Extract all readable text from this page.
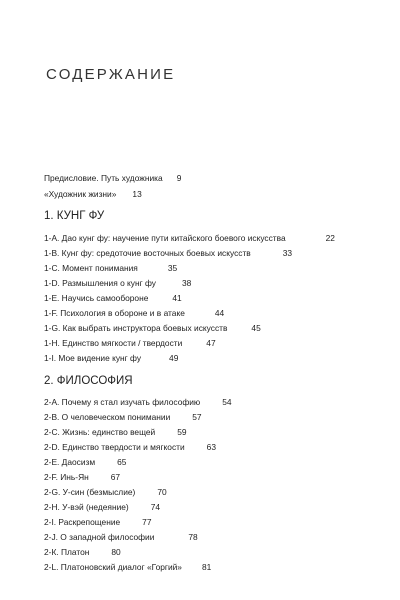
СОДЕРЖАНИЕ
Предисловие. Путь художника 9
«Художник жизни» 13
1. КУНГ ФУ
1-А. Дао кунг фу: научение пути китайского боевого искусства	22
1-В. Кунг фу: средоточие восточных боевых искусств	33
1-С. Момент понимания	35
1-D. Размышления о кунг фу	38
1-Е. Научись самообороне	41
1-F. Психология в обороне и в атаке	44
1-G. Как выбрать инструктора боевых искусств	45
1-Н. Единство мягкости / твердости	47
1-I. Мое видение кунг фу	49
2. ФИЛОСОФИЯ
2-А. Почему я стал изучать философию	54
2-В. О человеческом понимании	57
2-С. Жизнь: единство вещей	59
2-D. Единство твердости и мягкости	63
2-Е. Даосизм	65
2-F. Инь-Ян	67
2-G. У-син (безмыслие)	70
2-Н. У-вэй (недеяние)	74
2-I. Раскрепощение	77
2-J. О западной философии	78
2-К. Платон	80
2-L. Платоновский диалог «Горгий» 81
